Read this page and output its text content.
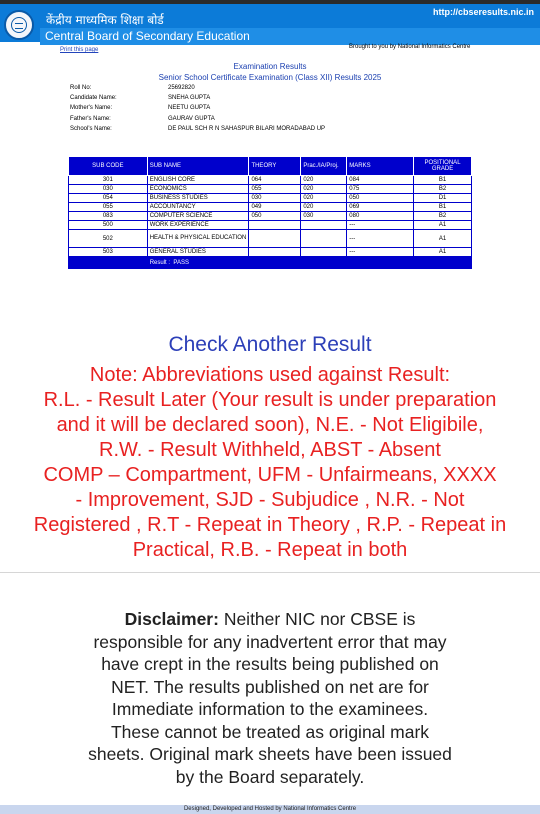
केंद्रीय माध्यमिक शिक्षा बोर्ड
http://cbseresults.nic.in
Central Board of Secondary Education
Print this page	Brought to you by National Informatics Centre
Examination Results
Senior School Certificate Examination (Class XII) Results 2025
Roll No:	25692820
Candidate Name:	SNEHA GUPTA
Mother's Name:	NEETU GUPTA
Father's Name:	GAURAV GUPTA
School's Name:	DE PAUL SCH R N SAHASPUR BILARI MORADABAD UP
SUB CODE	SUB NAME	THEORY	Prac./IA/Proj.	MARKS	POSITIONAL GRADE
301	ENGLISH CORE	064	020	084	B1
030	ECONOMICS	055	020	075	B2
054	BUSINESS STUDIES	030	020	050	D1
055	ACCOUNTANCY	049	020	069	B1
083	COMPUTER SCIENCE	050	030	080	B2
500	WORK EXPERIENCE			---	A1
502	HEALTH & PHYSICAL EDUCATION			---	A1
503	GENERAL STUDIES			---	A1
	Result : PASS				
Check Another Result
Note: Abbreviations used against Result:
R.L. - Result Later (Your result is under preparation
and it will be declared soon), N.E. - Not Eligibile,
R.W. - Result Withheld, ABST - Absent
COMP – Compartment, UFM - Unfairmeans, XXXX
- Improvement, SJD - Subjudice , N.R. - Not
Registered , R.T - Repeat in Theory , R.P. - Repeat in
Practical, R.B. - Repeat in both
Disclaimer: Neither NIC nor CBSE is
responsible for any inadvertent error that may
have crept in the results being published on
NET. The results published on net are for
Immediate information to the examinees.
These cannot be treated as original mark
sheets. Original mark sheets have been issued
by the Board separately.
Designed, Developed and Hosted by National Informatics Centre
